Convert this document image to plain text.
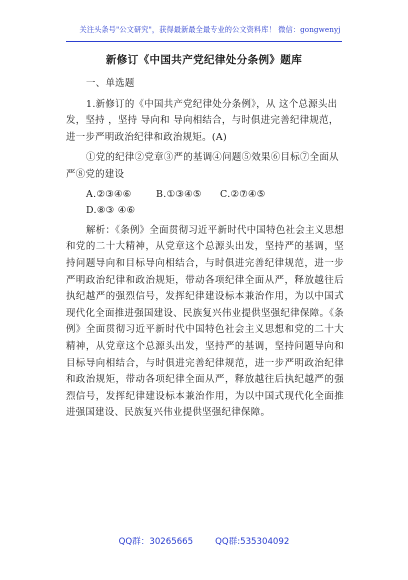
关注头条号"公文研究"，获得最新最全最专业的公文资料库！ 微信：gongwenyj
新修订《中国共产党纪律处分条例》题库

一、单选题

1.新修订的《中国共产党纪律处分条例》，从 这个总源头出发，坚持 ，坚持 导向和 导向相结合，与时俱进完善纪律规范，进一步严明政治纪律和政治规矩。(A)

①党的纪律②党章③严的基调④问题⑤效果⑥目标⑦全面从严⑧党的建设

A.②③④⑥	B.①③④⑤	C.②⑦④⑤
D.⑧③ ④⑥

解析：《条例》全面贯彻习近平新时代中国特色社会主义思想和党的二十大精神，从党章这个总源头出发，坚持严的基调，坚持问题导向和目标导向相结合，与时俱进完善纪律规范，进一步严明政治纪律和政治规矩，带动各项纪律全面从严，释放越往后执纪越严的强烈信号，发挥纪律建设标本兼治作用，为以中国式现代化全面推进强国建设、民族复兴伟业提供坚强纪律保障。《条例》全面贯彻习近平新时代中国特色社会主义思想和党的二十大精神，从党章这个总源头出发，坚持严的基调，坚持问题导向和目标导向相结合，与时俱进完善纪律规范，进一步严明政治纪律和政治规矩，带动各项纪律全面从严，释放越往后执纪越严的强烈信号，发挥纪律建设标本兼治作用，为以中国式现代化全面推进强国建设、民族复兴伟业提供坚强纪律保障。

QQ群：30265665	QQ群:535304092
